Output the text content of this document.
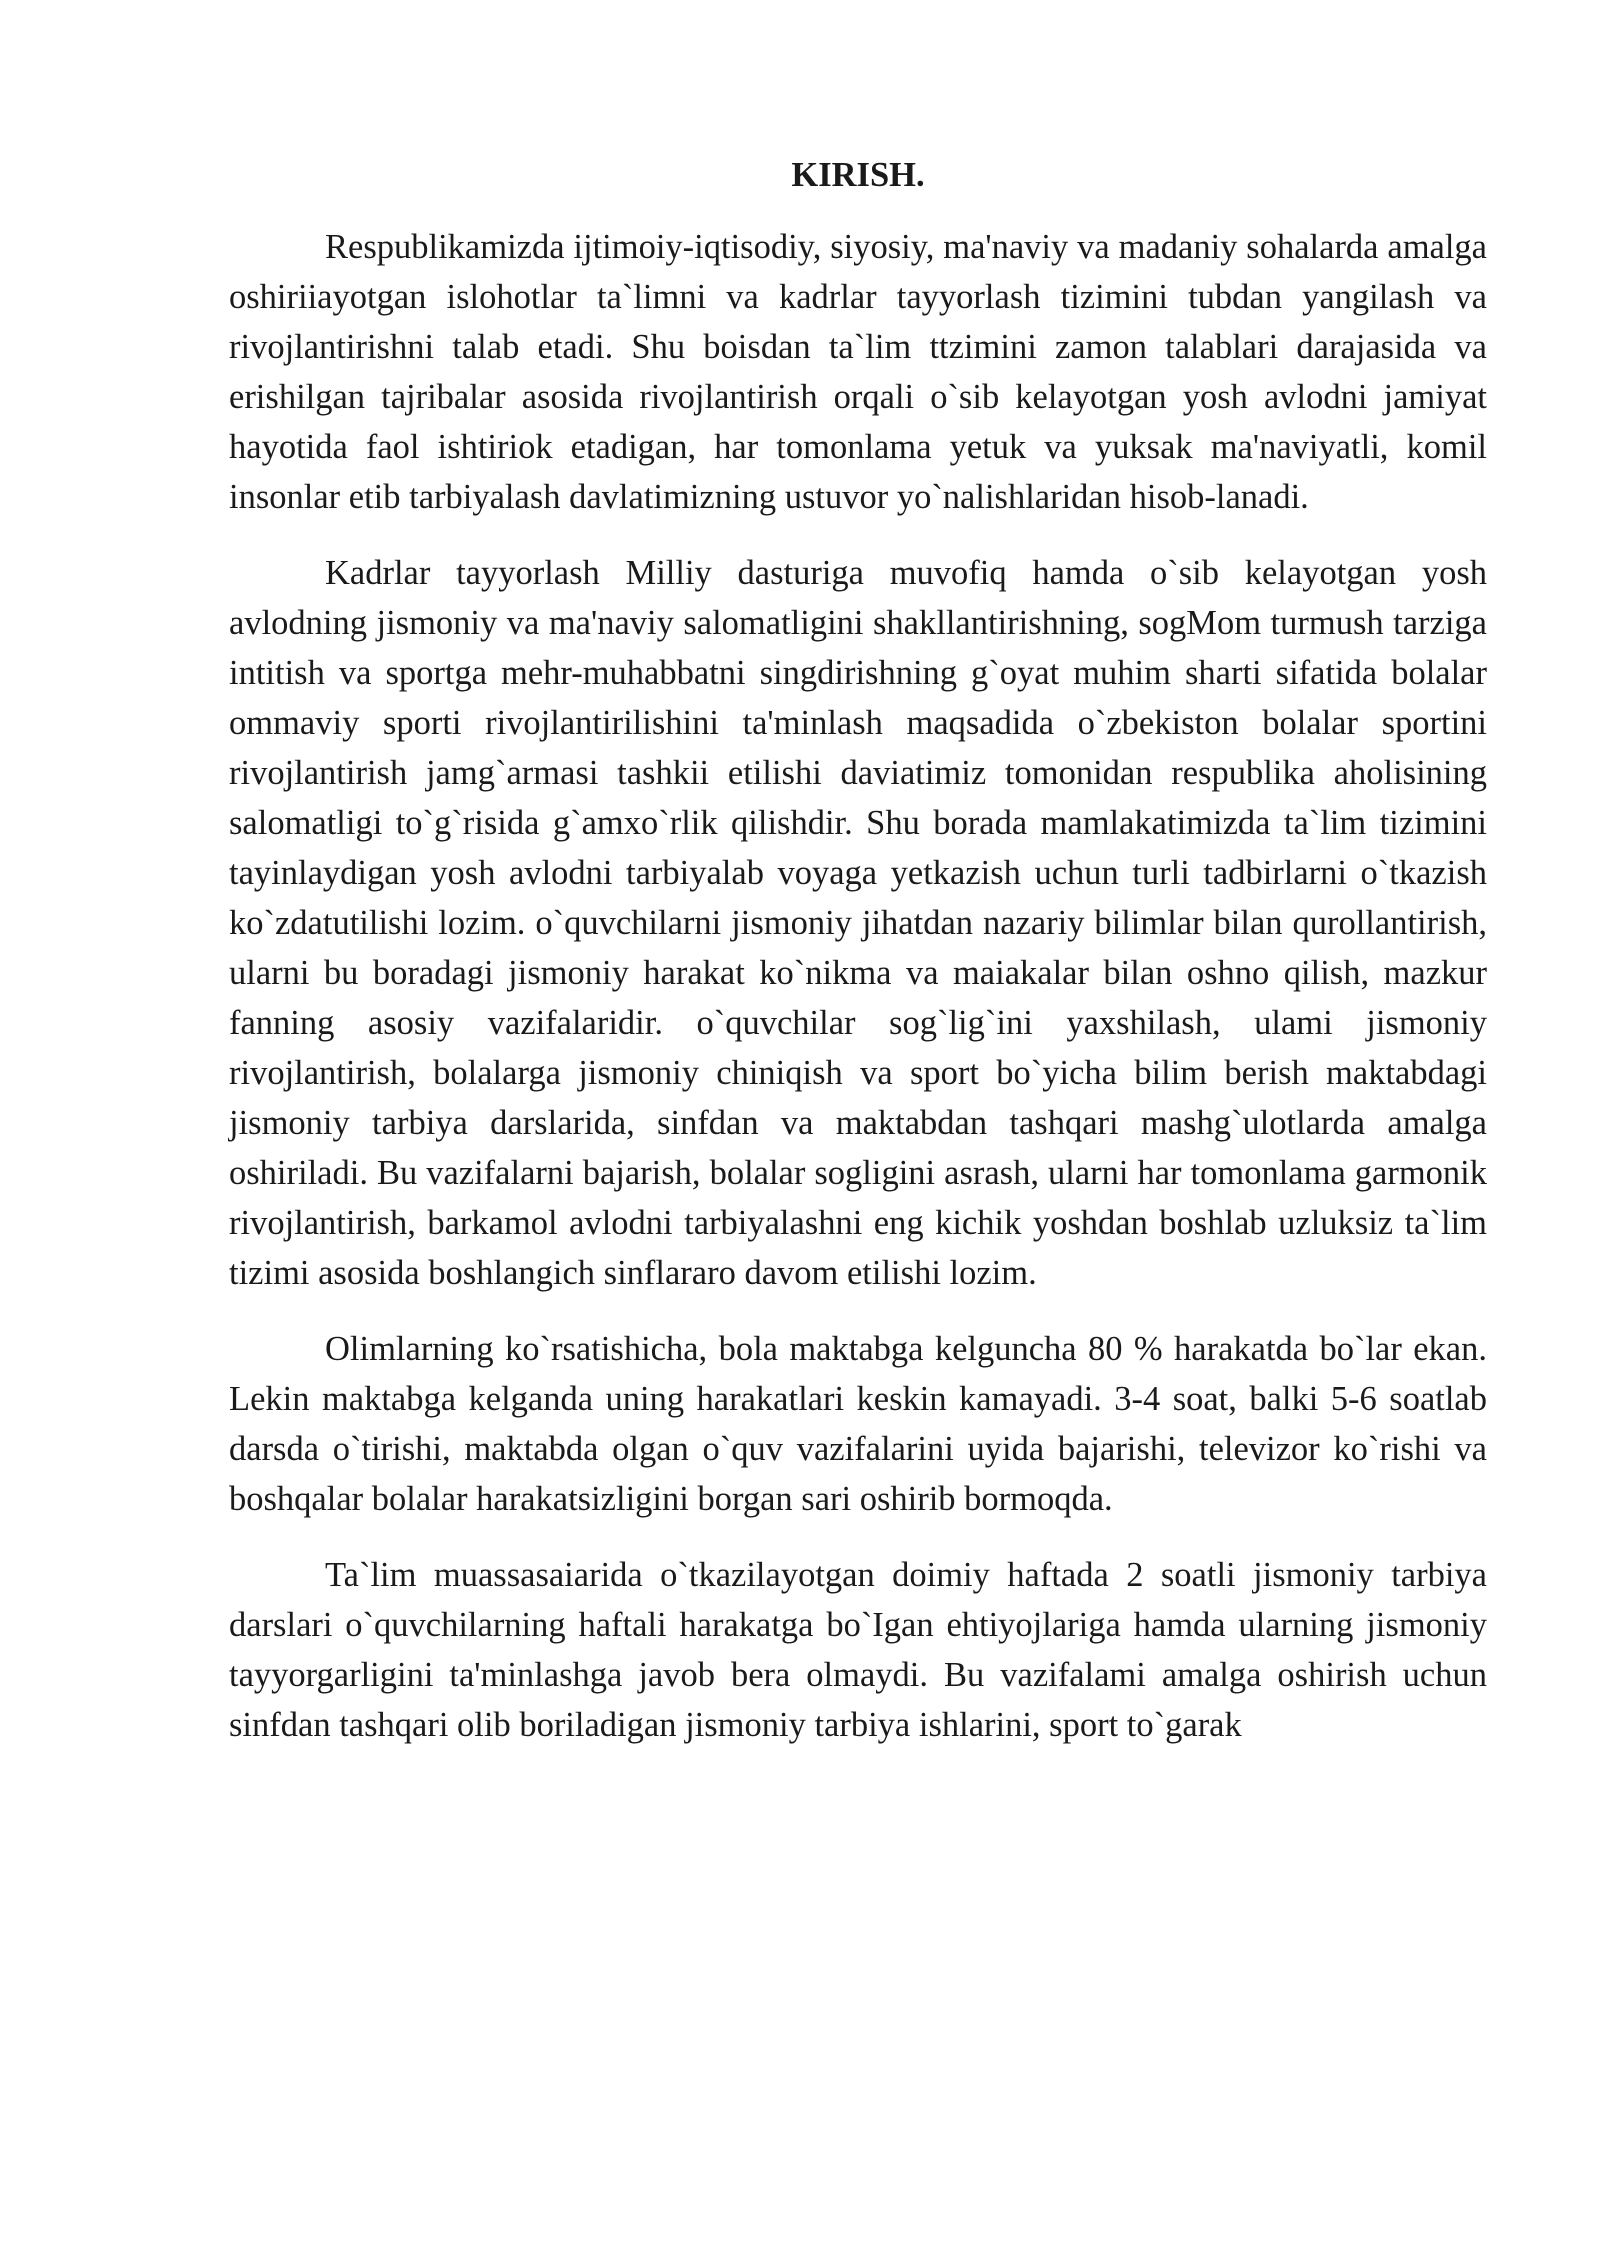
KIRISH.

Respublikamizda ijtimoiy-iqtisodiy, siyosiy, ma'naviy va madaniy sohalarda amalga oshiriiayotgan islohotlar ta`limni va kadrlar tayyorlash tizimini tubdan yangilash va rivojlantirishni talab etadi. Shu boisdan ta`lim ttzimini zamon talablari darajasida va erishilgan tajribalar asosida rivojlantirish orqali o`sib kelayotgan yosh avlodni jamiyat hayotida faol ishtiriok etadigan, har tomonlama yetuk va yuksak ma'naviyatli, komil insonlar etib tarbiyalash davlatimizning ustuvor yo`nalishlaridan hisob-lanadi.

Kadrlar tayyorlash Milliy dasturiga muvofiq hamda o`sib kelayotgan yosh avlodning jismoniy va ma'naviy salomatligini shakllantirishning, sogMom turmush tarziga intitish va sportga mehr-muhabbatni singdirishning g`oyat muhim sharti sifatida bolalar ommaviy sporti rivojlantirilishini ta'minlash maqsadida o`zbekiston bolalar sportini rivojlantirish jamg`armasi tashkii etilishi daviatimiz tomonidan respublika aholisining salomatligi to`g`risida g`amxo`rlik qilishdir. Shu borada mamlakatimizda ta`lim tizimini tayinlaydigan yosh avlodni tarbiyalab voyaga yetkazish uchun turli tadbirlarni o`tkazish ko`zdatutilishi lozim. o`quvchilarni jismoniy jihatdan nazariy bilimlar bilan qurollantirish, ularni bu boradagi jismoniy harakat ko`nikma va maiakalar bilan oshno qilish, mazkur fanning asosiy vazifalaridir. o`quvchilar sog`lig`ini yaxshilash, ulami jismoniy rivojlantirish, bolalarga jismoniy chiniqish va sport bo`yicha bilim berish maktabdagi jismoniy tarbiya darslarida, sinfdan va maktabdan tashqari mashg`ulotlarda amalga oshiriladi. Bu vazifalarni bajarish, bolalar sogligini asrash, ularni har tomonlama garmonik rivojlantirish, barkamol avlodni tarbiyalashni eng kichik yoshdan boshlab uzluksiz ta`lim tizimi asosida boshlangich sinflararo davom etilishi lozim.

Olimlarning ko`rsatishicha, bola maktabga kelguncha 80 % harakatda bo`lar ekan. Lekin maktabga kelganda uning harakatlari keskin kamayadi. 3-4 soat, balki 5-6 soatlab darsda o`tirishi, maktabda olgan o`quv vazifalarini uyida bajarishi, televizor ko`rishi va boshqalar bolalar harakatsizligini borgan sari oshirib bormoqda.

Ta`lim muassasaiarida o`tkazilayotgan doimiy haftada 2 soatli jismoniy tarbiya darslari o`quvchilarning haftali harakatga bo`Igan ehtiyojlariga hamda ularning jismoniy tayyorgarligini ta'minlashga javob bera olmaydi. Bu vazifalami amalga oshirish uchun sinfdan tashqari olib boriladigan jismoniy tarbiya ishlarini, sport to`garak
